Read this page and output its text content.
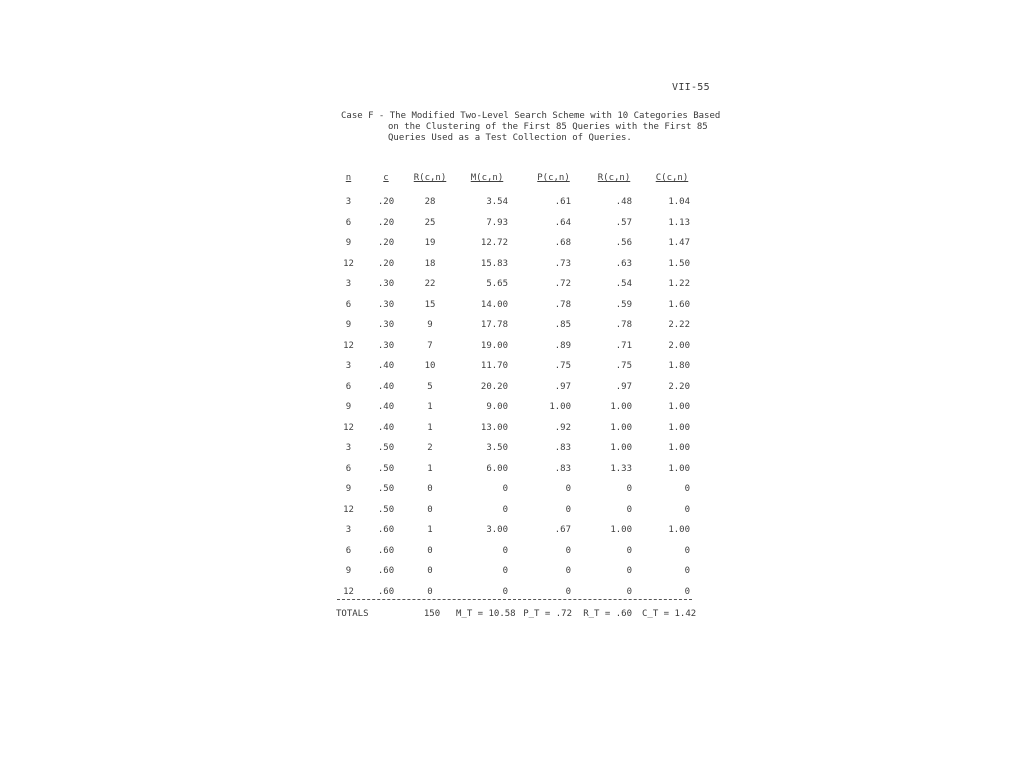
VII-55
Case F - The Modified Two-Level Search Scheme with 10 Categories Based
on the Clustering of the First 85 Queries with the First 85
Queries Used as a Test Collection of Queries.
n	c	R(c,n)	M(c,n)	P(c,n)	R(c,n)	C(c,n)
3	.20	28	3.54	.61	.48	1.04
6	.20	25	7.93	.64	.57	1.13
9	.20	19	12.72	.68	.56	1.47
12	.20	18	15.83	.73	.63	1.50
3	.30	22	5.65	.72	.54	1.22
6	.30	15	14.00	.78	.59	1.60
9	.30	9	17.78	.85	.78	2.22
12	.30	7	19.00	.89	.71	2.00
3	.40	10	11.70	.75	.75	1.80
6	.40	5	20.20	.97	.97	2.20
9	.40	1	9.00	1.00	1.00	1.00
12	.40	1	13.00	.92	1.00	1.00
3	.50	2	3.50	.83	1.00	1.00
6	.50	1	6.00	.83	1.33	1.00
9	.50	0	0	0	0	0
12	.50	0	0	0	0	0
3	.60	1	3.00	.67	1.00	1.00
6	.60	0	0	0	0	0
9	.60	0	0	0	0	0
12	.60	0	0	0	0	0
TOTALS	150	M_T = 10.58 P_T = .72 R_T = .60 C_T = 1.42
